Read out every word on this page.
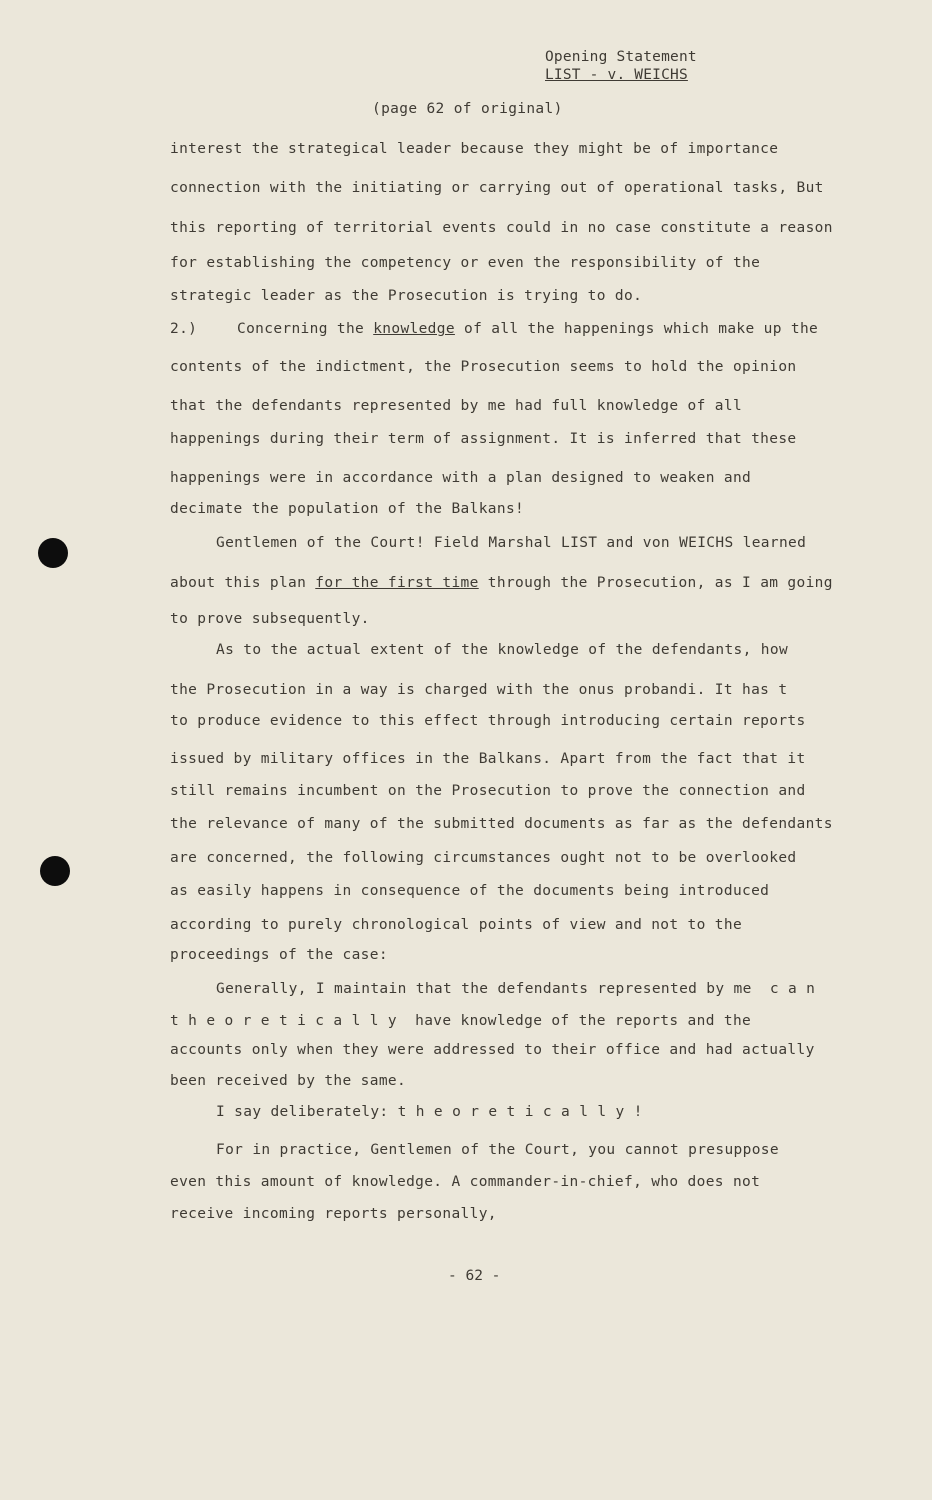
Opening Statement
LIST - v. WEICHS
(page 62 of original)
interest the strategical leader because they might be of importance
connection with the initiating or carrying out of operational tasks, But
this reporting of territorial events could in no case constitute a reason
for establishing the competency or even the responsibility of the
strategic leader as the Prosecution is trying to do.
2.)	Concerning the knowledge of all the happenings which make up the
contents of the indictment, the Prosecution seems to hold the opinion
that the defendants represented by me had full knowledge of all
happenings during their term of assignment. It is inferred that these
happenings were in accordance with a plan designed to weaken and
decimate the population of the Balkans!
Gentlemen of the Court! Field Marshal LIST and von WEICHS learned
about this plan for the first time through the Prosecution, as I am going
to prove subsequently.
As to the actual extent of the knowledge of the defendants, how
the Prosecution in a way is charged with the onus probandi. It has t
to produce evidence to this effect through introducing certain reports
issued by military offices in the Balkans. Apart from the fact that it
still remains incumbent on the Prosecution to prove the connection and
the relevance of many of the submitted documents as far as the defendants
are concerned, the following circumstances ought not to be overlooked
as easily happens in consequence of the documents being introduced
according to purely chronological points of view and not to the
proceedings of the case:
Generally, I maintain that the defendants represented by me  c a n
t h e o r e t i c a l l y  have knowledge of the reports and the
accounts only when they were addressed to their office and had actually
been received by the same.
I say deliberately: t h e o r e t i c a l l y !
For in practice, Gentlemen of the Court, you cannot presuppose
even this amount of knowledge. A commander-in-chief, who does not
receive incoming reports personally,
- 62 -
